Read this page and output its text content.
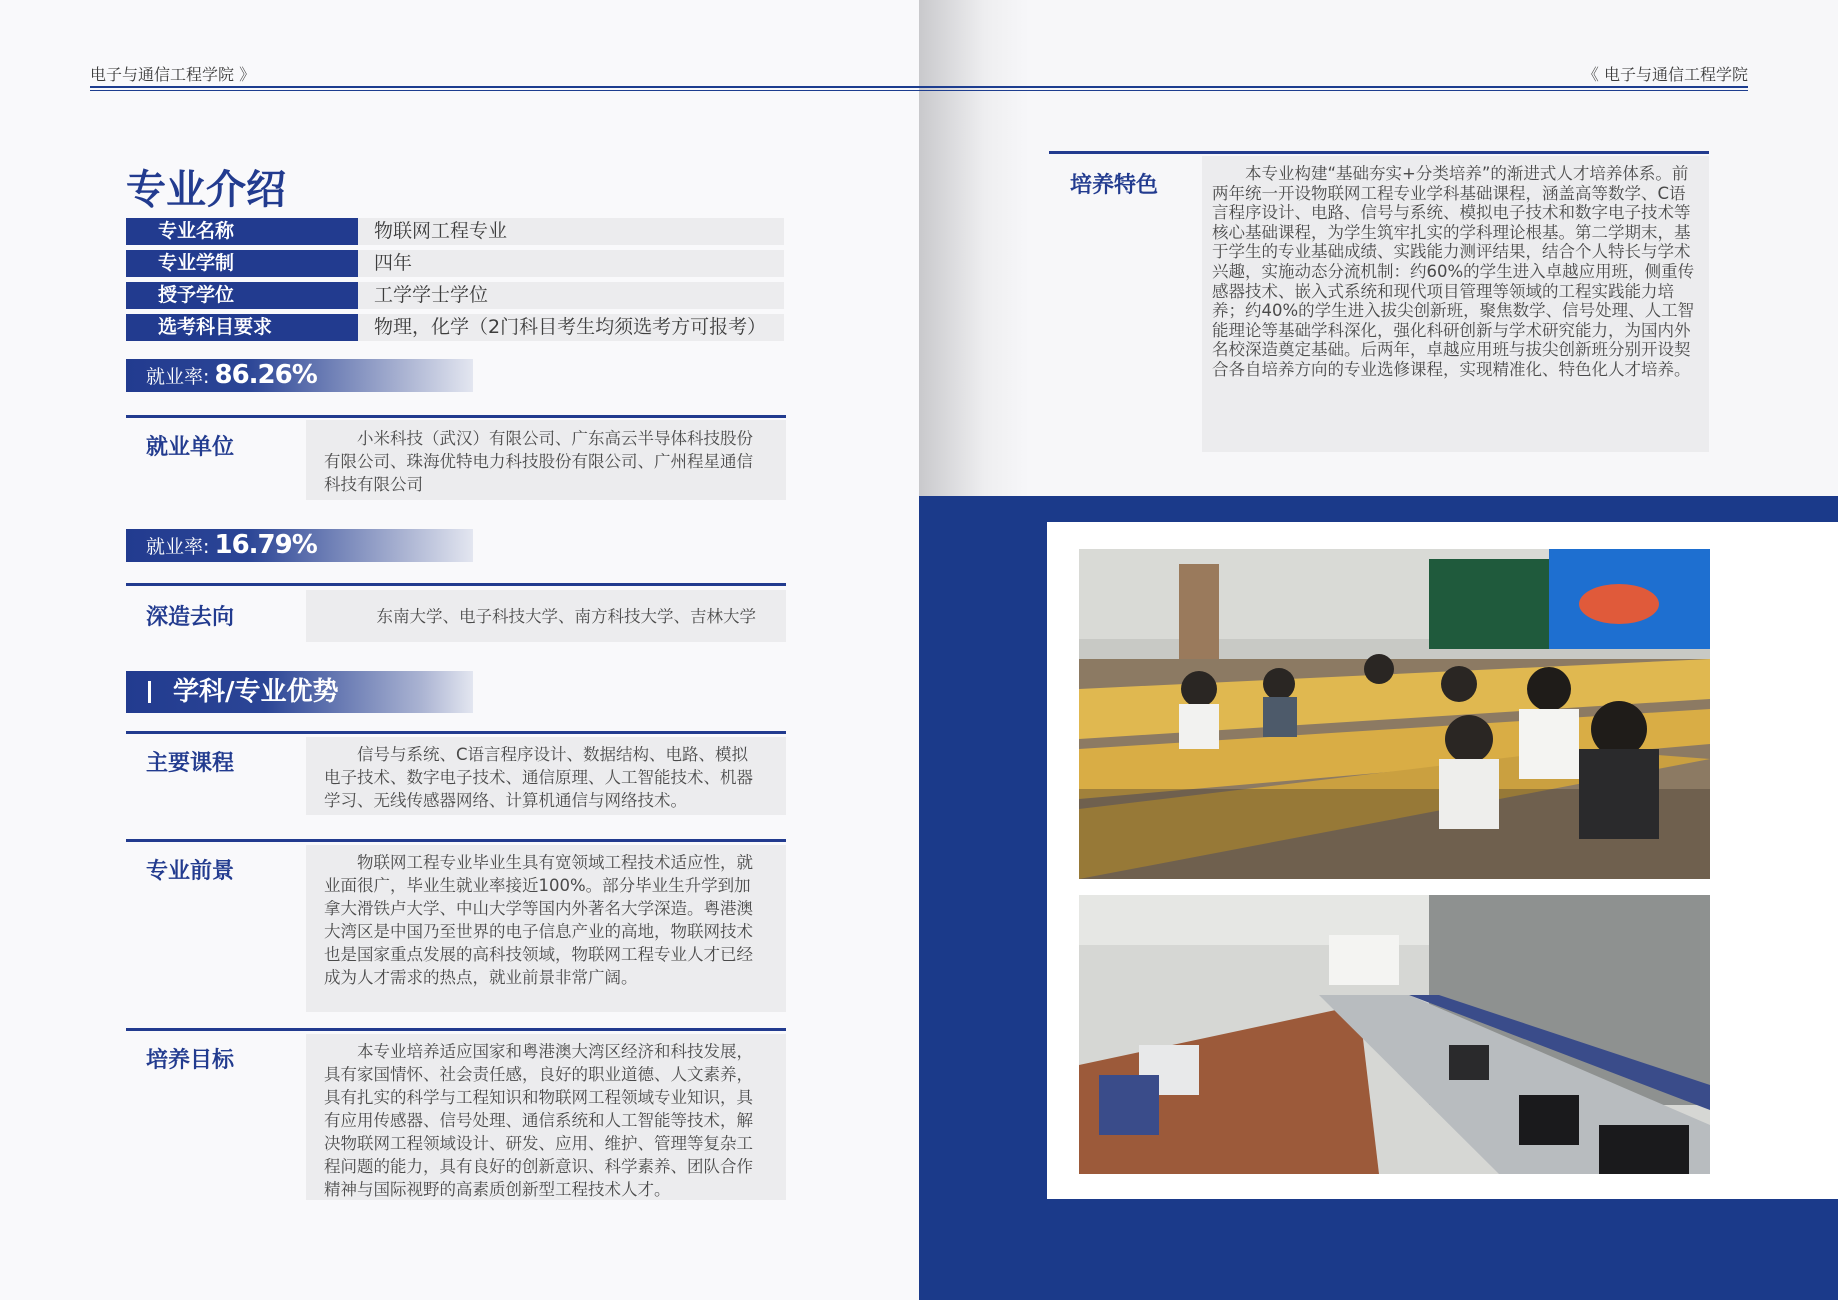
电子与通信工程学院 》	《 电子与通信工程学院
专业介绍
专业名称	物联网工程专业
专业学制	四年
授予学位	工学学士学位
选考科目要求	物理，化学（2门科目考生均须选考方可报考）
就业率: 86.26%
就业单位	小米科技（武汉）有限公司、广东高云半导体科技股份有限公司、珠海优特电力科技股份有限公司、广州程星通信科技有限公司
就业率: 16.79%
深造去向	东南大学、电子科技大学、南方科技大学、吉林大学
学科/专业优势
主要课程	信号与系统、C语言程序设计、数据结构、电路、模拟电子技术、数字电子技术、通信原理、人工智能技术、机器学习、无线传感器网络、计算机通信与网络技术。
专业前景	物联网工程专业毕业生具有宽领域工程技术适应性，就业面很广，毕业生就业率接近100%。部分毕业生升学到加拿大滑铁卢大学、中山大学等国内外著名大学深造。粤港澳大湾区是中国乃至世界的电子信息产业的高地，物联网技术也是国家重点发展的高科技领域，物联网工程专业人才已经成为人才需求的热点，就业前景非常广阔。
培养目标	本专业培养适应国家和粤港澳大湾区经济和科技发展，具有家国情怀、社会责任感，良好的职业道德、人文素养，具有扎实的科学与工程知识和物联网工程领域专业知识，具有应用传感器、信号处理、通信系统和人工智能等技术，解决物联网工程领域设计、研发、应用、维护、管理等复杂工程问题的能力，具有良好的创新意识、科学素养、团队合作精神与国际视野的高素质创新型工程技术人才。
培养特色	本专业构建“基础夯实+分类培养”的渐进式人才培养体系。前两年统一开设物联网工程专业学科基础课程，涵盖高等数学、C语言程序设计、电路、信号与系统、模拟电子技术和数字电子技术等核心基础课程，为学生筑牢扎实的学科理论根基。第二学期末，基于学生的专业基础成绩、实践能力测评结果，结合个人特长与学术兴趣，实施动态分流机制：约60%的学生进入卓越应用班，侧重传感器技术、嵌入式系统和现代项目管理等领域的工程实践能力培养；约40%的学生进入拔尖创新班，聚焦数学、信号处理、人工智能理论等基础学科深化，强化科研创新与学术研究能力，为国内外名校深造奠定基础。后两年，卓越应用班与拔尖创新班分别开设契合各自培养方向的专业选修课程，实现精准化、特色化人才培养。
